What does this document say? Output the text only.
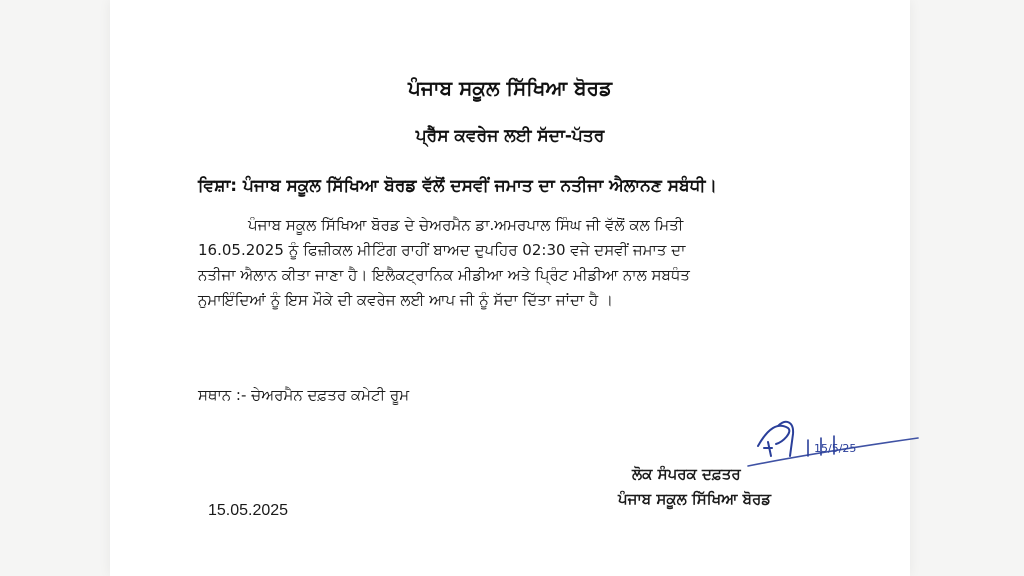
ਪੰਜਾਬ ਸਕੂਲ ਸਿੱਖਿਆ ਬੋਰਡ
ਪ੍ਰੈੱਸ ਕਵਰੇਜ ਲਈ ਸੱਦਾ-ਪੱਤਰ
ਵਿਸ਼ਾ: ਪੰਜਾਬ ਸਕੂਲ ਸਿੱਖਿਆ ਬੋਰਡ ਵੱਲੋਂ ਦਸਵੀਂ ਜਮਾਤ ਦਾ ਨਤੀਜਾ ਐਲਾਨਣ ਸਬੰਧੀ।
ਪੰਜਾਬ ਸਕੂਲ ਸਿੱਖਿਆ ਬੋਰਡ ਦੇ ਚੇਅਰਮੈਨ ਡਾ.ਅਮਰਪਾਲ ਸਿੰਘ ਜੀ ਵੱਲੋਂ ਕਲ ਮਿਤੀ
16.05.2025 ਨੂੰ ਫਿਜ਼ੀਕਲ ਮੀਟਿੰਗ ਰਾਹੀਂ ਬਾਅਦ ਦੁਪਹਿਰ 02:30 ਵਜੇ ਦਸਵੀਂ ਜਮਾਤ ਦਾ
ਨਤੀਜਾ ਐਲਾਨ ਕੀਤਾ ਜਾਣਾ ਹੈ। ਇਲੈਕਟ੍ਰਾਨਿਕ ਮੀਡੀਆ ਅਤੇ ਪ੍ਰਿੰਟ ਮੀਡੀਆ ਨਾਲ ਸਬਧੰਤ
ਨੁਮਾਇੰਦਿਆਂ ਨੂੰ ਇਸ ਮੌਕੇ ਦੀ ਕਵਰੇਜ ਲਈ ਆਪ ਜੀ ਨੂੰ ਸੱਦਾ ਦਿੱਤਾ ਜਾਂਦਾ ਹੈ ।
ਸਥਾਨ :- ਚੇਅਰਮੈਨ ਦਫ਼ਤਰ ਕਮੇਟੀ ਰੂਮ
15/5/25
ਲੋਕ ਸੰਪਰਕ ਦਫ਼ਤਰ
ਪੰਜਾਬ ਸਕੂਲ ਸਿੱਖਿਆ ਬੋਰਡ
15.05.2025
